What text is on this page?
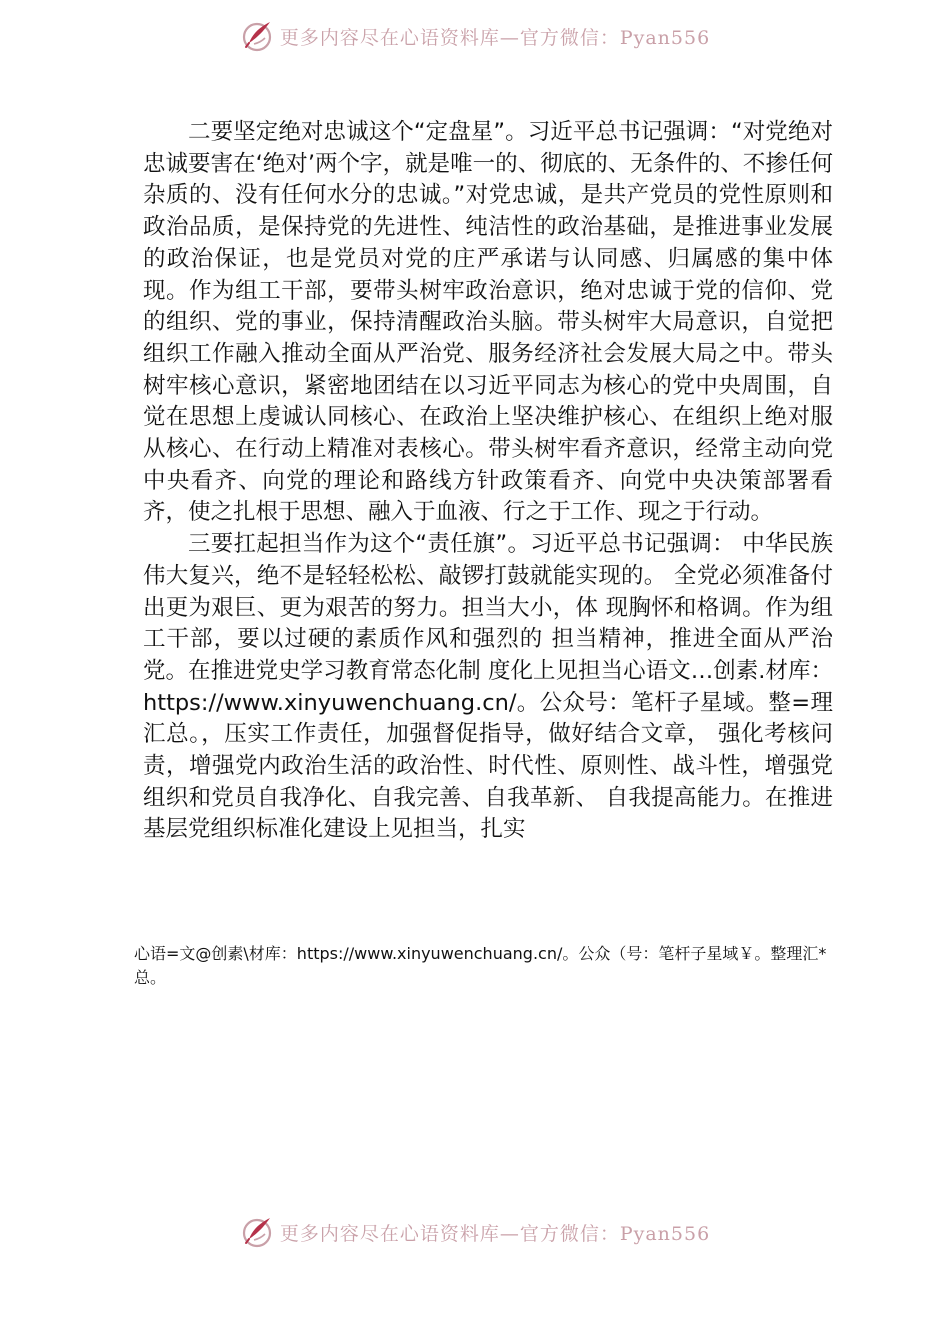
更多内容尽在心语资料库—官方微信：Pyan556

二要坚定绝对忠诚这个“定盘星”。习近平总书记强调：“对党绝对忠诚要害在‘绝对’两个字，就是唯一的、彻底的、无条件的、不掺任何杂质的、没有任何水分的忠诚。”对党忠诚，是共产党员的党性原则和政治品质，是保持党的先进性、纯洁性的政治基础，是推进事业发展的政治保证，也是党员对党的庄严承诺与认同感、归属感的集中体现。作为组工干部，要带头树牢政治意识，绝对忠诚于党的信仰、党的组织、党的事业，保持清醒政治头脑。带头树牢大局意识，自觉把组织工作融入推动全面从严治党、服务经济社会发展大局之中。带头树牢核心意识，紧密地团结在以习近平同志为核心的党中央周围，自觉在思想上虔诚认同核心、在政治上坚决维护核心、在组织上绝对服从核心、在行动上精准对表核心。带头树牢看齐意识，经常主动向党中央看齐、向党的理论和路线方针政策看齐、向党中央决策部署看齐，使之扎根于思想、融入于血液、行之于工作、现之于行动。

三要扛起担当作为这个“责任旗”。习近平总书记强调： 中华民族伟大复兴，绝不是轻轻松松、敲锣打鼓就能实现的。 全党必须准备付出更为艰巨、更为艰苦的努力。担当大小，体 现胸怀和格调。作为组工干部，要以过硬的素质作风和强烈的 担当精神，推进全面从严治党。在推进党史学习教育常态化制 度化上见担当心语文…创素.材库：https://www.xinyuwenchuang.cn/。公众号：笔杆子星域。整=理汇总。，压实工作责任，加强督促指导，做好结合文章， 强化考核问责，增强党内政治生活的政治性、时代性、原则性、战斗性，增强党组织和党员自我净化、自我完善、自我革新、 自我提高能力。在推进基层党组织标准化建设上见担当，扎实

心语=文@创素\材库：https://www.xinyuwenchuang.cn/。公众（号：笔杆子星域￥。整理汇*总。

更多内容尽在心语资料库—官方微信：Pyan556
